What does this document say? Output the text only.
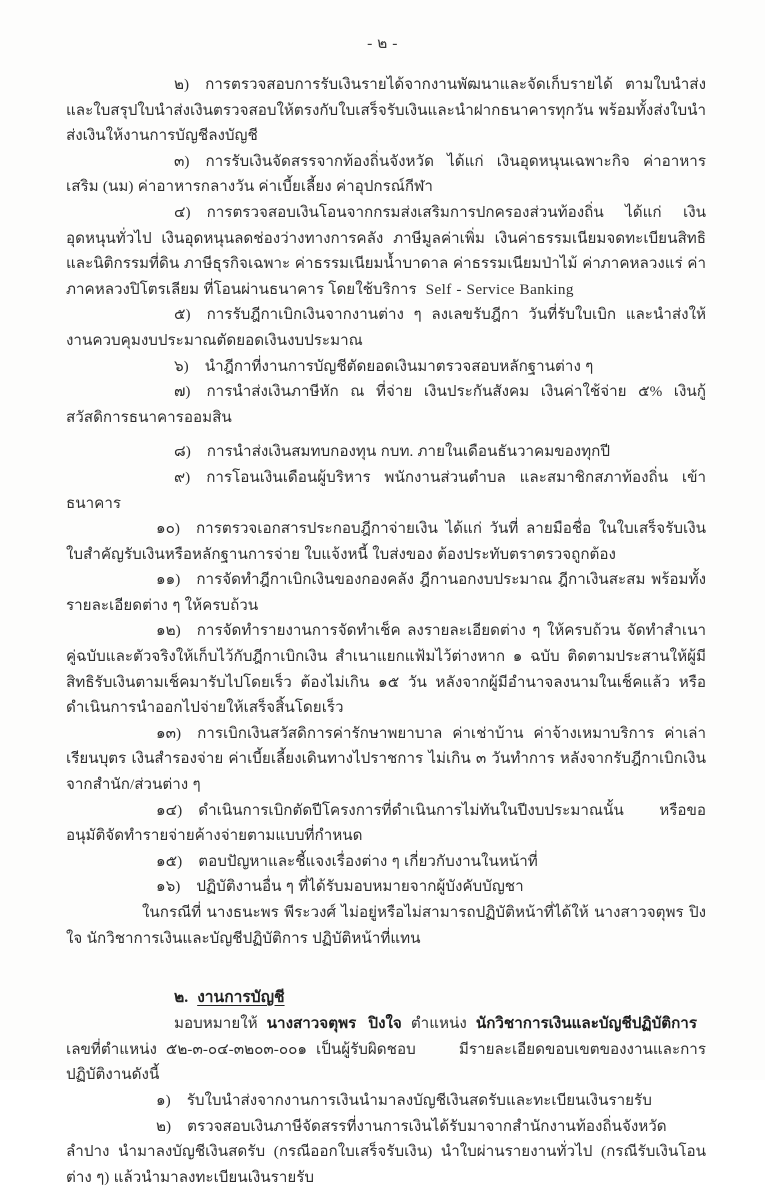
- ๒ -

๒) การตรวจสอบการรับเงินรายได้จากงานพัฒนาและจัดเก็บรายได้ ตามใบนำส่งและใบสรุปใบนำส่งเงินตรวจสอบให้ตรงกับใบเสร็จรับเงินและนำฝากธนาคารทุกวัน พร้อมทั้งส่งใบนำส่งเงินให้งานการบัญชีลงบัญชี

๓) การรับเงินจัดสรรจากท้องถิ่นจังหวัด ได้แก่ เงินอุดหนุนเฉพาะกิจ ค่าอาหารเสริม (นม) ค่าอาหารกลางวัน ค่าเบี้ยเลี้ยง ค่าอุปกรณ์กีฬา

๔) การตรวจสอบเงินโอนจากกรมส่งเสริมการปกครองส่วนท้องถิ่น ได้แก่ เงินอุดหนุนทั่วไป เงินอุดหนุนลดช่องว่างทางการคลัง ภาษีมูลค่าเพิ่ม เงินค่าธรรมเนียมจดทะเบียนสิทธิและนิติกรรมที่ดิน ภาษีธุรกิจเฉพาะ ค่าธรรมเนียมน้ำบาดาล ค่าธรรมเนียมป่าไม้ ค่าภาคหลวงแร่ ค่าภาคหลวงปิโตรเลียม ที่โอนผ่านธนาคาร โดยใช้บริการ Self - Service Banking

๕) การรับฎีกาเบิกเงินจากงานต่าง ๆ ลงเลขรับฎีกา วันที่รับใบเบิก และนำส่งให้งานควบคุมงบประมาณตัดยอดเงินงบประมาณ

๖) นำฎีกาที่งานการบัญชีตัดยอดเงินมาตรวจสอบหลักฐานต่าง ๆ

๗) การนำส่งเงินภาษีหัก ณ ที่จ่าย เงินประกันสังคม เงินค่าใช้จ่าย ๕% เงินกู้สวัสดิการธนาคารออมสิน

๘) การนำส่งเงินสมทบกองทุน กบท. ภายในเดือนธันวาคมของทุกปี

๙) การโอนเงินเดือนผู้บริหาร พนักงานส่วนตำบล และสมาชิกสภาท้องถิ่น เข้าธนาคาร

๑๐) การตรวจเอกสารประกอบฎีกาจ่ายเงิน ได้แก่ วันที่ ลายมือชื่อ ในใบเสร็จรับเงิน ใบสำคัญรับเงินหรือหลักฐานการจ่าย ใบแจ้งหนี้ ใบส่งของ ต้องประทับตราตรวจถูกต้อง

๑๑) การจัดทำฎีกาเบิกเงินของกองคลัง ฎีกานอกงบประมาณ ฎีกาเงินสะสม พร้อมทั้งรายละเอียดต่าง ๆ ให้ครบถ้วน

๑๒) การจัดทำรายงานการจัดทำเช็ค ลงรายละเอียดต่าง ๆ ให้ครบถ้วน จัดทำสำเนาคู่ฉบับและตัวจริงให้เก็บไว้กับฎีกาเบิกเงิน สำเนาแยกแฟ้มไว้ต่างหาก ๑ ฉบับ ติดตามประสานให้ผู้มีสิทธิรับเงินตามเช็คมารับไปโดยเร็ว ต้องไม่เกิน ๑๕ วัน หลังจากผู้มีอำนาจลงนามในเช็คแล้ว หรือดำเนินการนำออกไปจ่ายให้เสร็จสิ้นโดยเร็ว

๑๓) การเบิกเงินสวัสดิการค่ารักษาพยาบาล ค่าเช่าบ้าน ค่าจ้างเหมาบริการ ค่าเล่าเรียนบุตร เงินสำรองจ่าย ค่าเบี้ยเลี้ยงเดินทางไปราชการ ไม่เกิน ๓ วันทำการ หลังจากรับฎีกาเบิกเงินจากสำนัก/ส่วนต่าง ๆ

๑๔) ดำเนินการเบิกตัดปีโครงการที่ดำเนินการไม่ทันในปีงบประมาณนั้น หรือขออนุมัติจัดทำรายจ่ายค้างจ่ายตามแบบที่กำหนด

๑๕) ตอบปัญหาและชี้แจงเรื่องต่าง ๆ เกี่ยวกับงานในหน้าที่

๑๖) ปฏิบัติงานอื่น ๆ ที่ได้รับมอบหมายจากผู้บังคับบัญชา

ในกรณีที่ นางธนะพร พีระวงศ์ ไม่อยู่หรือไม่สามารถปฏิบัติหน้าที่ได้ให้ นางสาวจตุพร ปิงใจ นักวิชาการเงินและบัญชีปฏิบัติการ ปฏิบัติหน้าที่แทน

๒. งานการบัญชี

มอบหมายให้ นางสาวจตุพร ปิงใจ ตำแหน่ง นักวิชาการเงินและบัญชีปฏิบัติการเลขที่ตำแหน่ง ๕๒-๓-๐๔-๓๒๐๓-๐๐๑ เป็นผู้รับผิดชอบ มีรายละเอียดขอบเขตของงานและการปฏิบัติงานดังนี้

๑) รับใบนำส่งจากงานการเงินนำมาลงบัญชีเงินสดรับและทะเบียนเงินรายรับ

๒) ตรวจสอบเงินภาษีจัดสรรที่งานการเงินได้รับมาจากสำนักงานท้องถิ่นจังหวัดลำปาง นำมาลงบัญชีเงินสดรับ (กรณีออกใบเสร็จรับเงิน) นำใบผ่านรายงานทั่วไป (กรณีรับเงินโอนต่าง ๆ) แล้วนำมาลงทะเบียนเงินรายรับ
